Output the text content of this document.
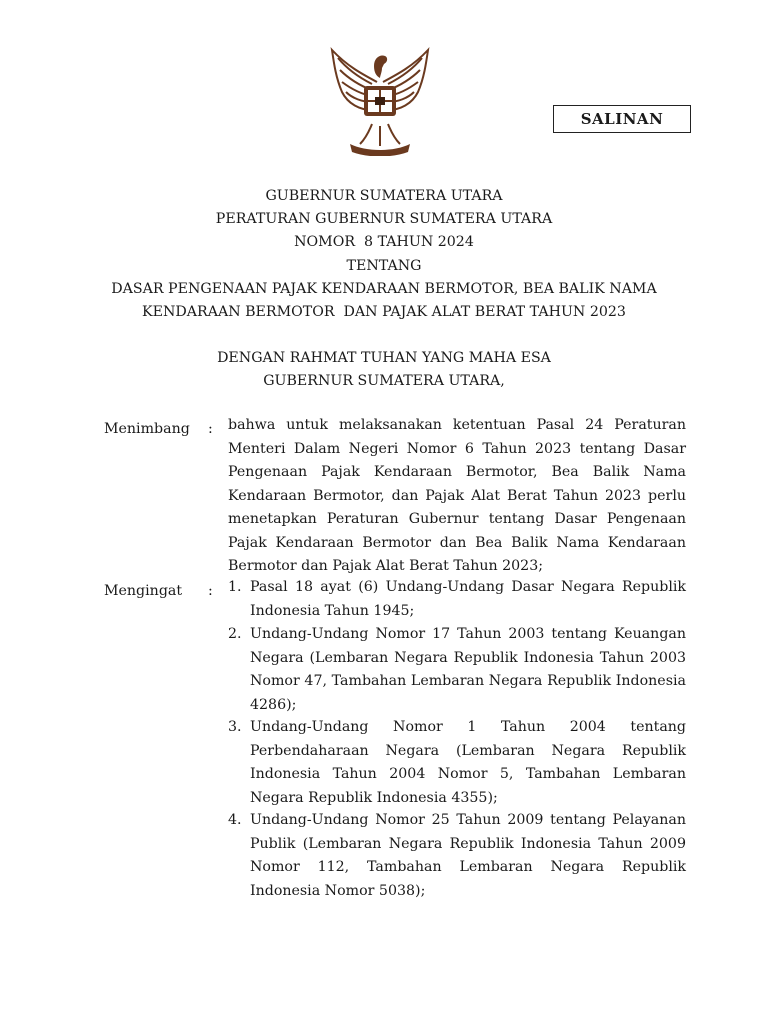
SALINAN
GUBERNUR SUMATERA UTARA
PERATURAN GUBERNUR SUMATERA UTARA
NOMOR  8 TAHUN 2024
TENTANG
DASAR PENGENAAN PAJAK KENDARAAN BERMOTOR, BEA BALIK NAMA
KENDARAAN BERMOTOR  DAN PAJAK ALAT BERAT TAHUN 2023
DENGAN RAHMAT TUHAN YANG MAHA ESA
GUBERNUR SUMATERA UTARA,
Menimbang : bahwa untuk melaksanakan ketentuan Pasal 24 Peraturan Menteri Dalam Negeri Nomor 6 Tahun 2023 tentang Dasar Pengenaan Pajak Kendaraan Bermotor, Bea Balik Nama Kendaraan Bermotor, dan Pajak Alat Berat Tahun 2023 perlu menetapkan Peraturan Gubernur tentang Dasar Pengenaan Pajak Kendaraan Bermotor dan Bea Balik Nama Kendaraan Bermotor dan Pajak Alat Berat Tahun 2023;
Mengingat : 1. Pasal 18 ayat (6) Undang-Undang Dasar Negara Republik Indonesia Tahun 1945;
2. Undang-Undang Nomor 17 Tahun 2003 tentang Keuangan Negara (Lembaran Negara Republik Indonesia Tahun 2003 Nomor 47, Tambahan Lembaran Negara Republik Indonesia 4286);
3. Undang-Undang Nomor 1 Tahun 2004 tentang Perbendaharaan Negara (Lembaran Negara Republik Indonesia Tahun 2004 Nomor 5, Tambahan Lembaran Negara Republik Indonesia 4355);
4. Undang-Undang Nomor 25 Tahun 2009 tentang Pelayanan Publik (Lembaran Negara Republik Indonesia Tahun 2009 Nomor 112, Tambahan Lembaran Negara Republik Indonesia Nomor 5038);
